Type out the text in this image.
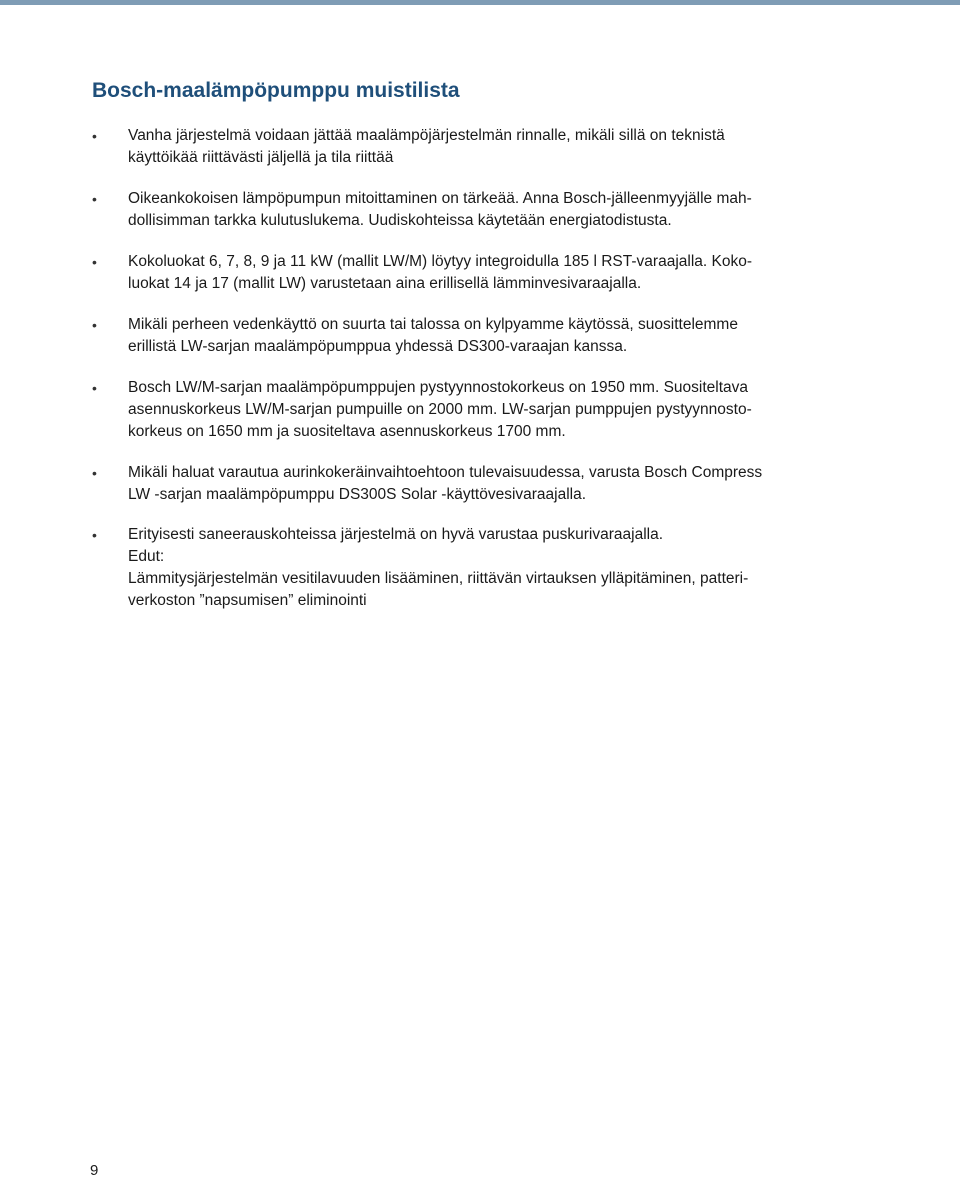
Bosch-maalämpöpumppu muistilista
• Vanha järjestelmä voidaan jättää maalämpöjärjestelmän rinnalle, mikäli sillä on teknistä
käyttöikää riittävästi jäljellä ja tila riittää
• Oikeankokoisen lämpöpumpun mitoittaminen on tärkeää. Anna Bosch-jälleenmyyjälle mah-
dollisimman tarkka kulutuslukema. Uudiskohteissa käytetään energiatodistusta.
• Kokoluokat 6, 7, 8, 9 ja 11 kW (mallit LW/M) löytyy integroidulla 185 l RST-varaajalla. Koko-
luokat 14 ja 17 (mallit LW) varustetaan aina erillisellä lämminvesivaraajalla.
• Mikäli perheen vedenkäyttö on suurta tai talossa on kylpyamme käytössä, suosittelemme
erillistä LW-sarjan maalämpöpumppua yhdessä DS300-varaajan kanssa.
• Bosch LW/M-sarjan maalämpöpumppujen pystyynnostokorkeus on 1950 mm. Suositeltava
asennuskorkeus LW/M-sarjan pumpuille on 2000 mm. LW-sarjan pumppujen pystyynnosto-
korkeus on 1650 mm ja suositeltava asennuskorkeus 1700 mm.
• Mikäli haluat varautua aurinkokeräinvaihtoehtoon tulevaisuudessa, varusta Bosch Compress
LW -sarjan maalämpöpumppu DS300S Solar -käyttövesivaraajalla.
• Erityisesti saneerauskohteissa järjestelmä on hyvä varustaa puskurivaraajalla.
Edut:
Lämmitysjärjestelmän vesitilavuuden lisääminen, riittävän virtauksen ylläpitäminen, patteri-
verkoston ”napsumisen” eliminointi
9
